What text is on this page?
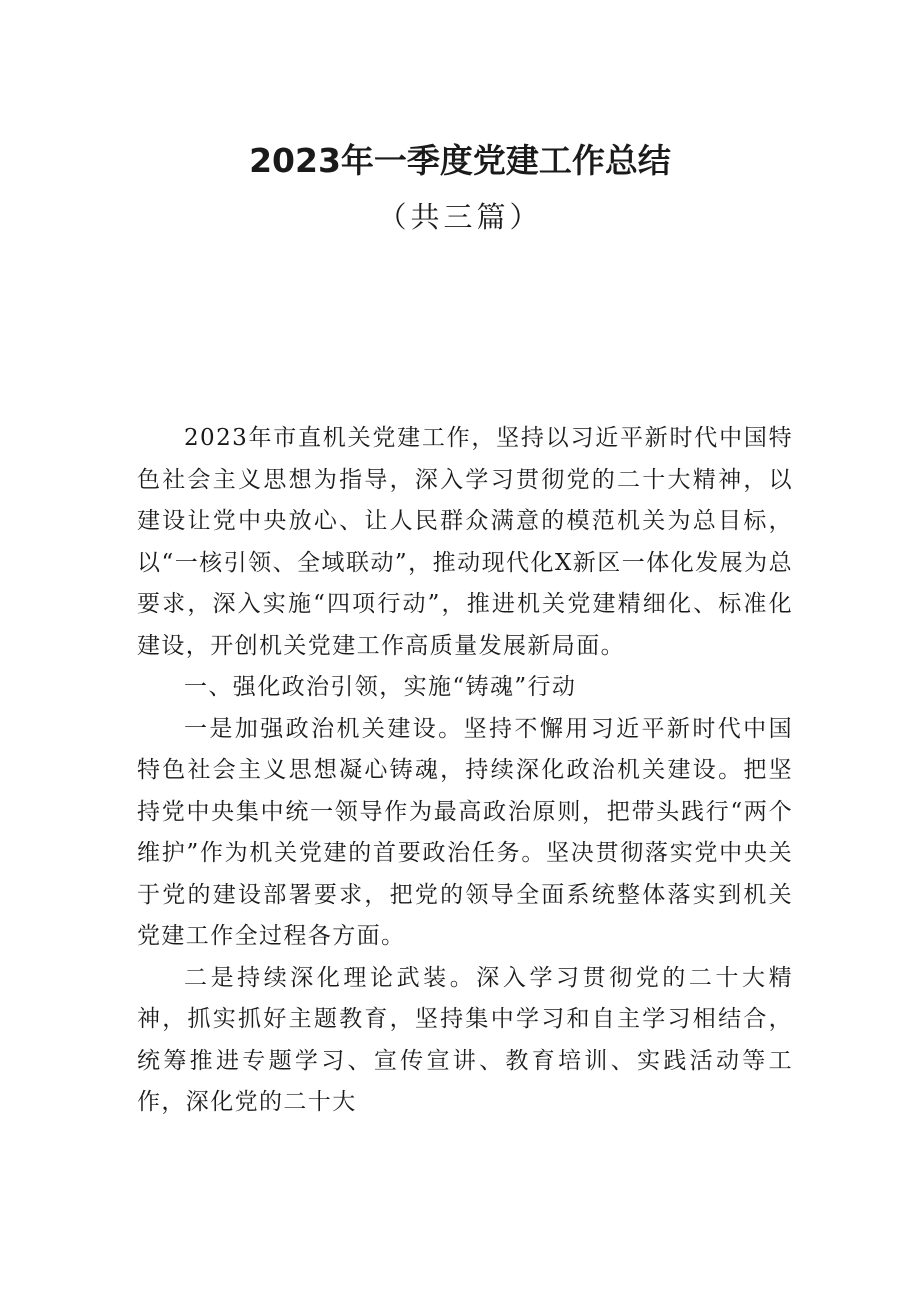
2023年一季度党建工作总结
（共三篇）

2023年市直机关党建工作，坚持以习近平新时代中国特色社会主义思想为指导，深入学习贯彻党的二十大精神，以建设让党中央放心、让人民群众满意的模范机关为总目标，以“一核引领、全域联动”，推动现代化X新区一体化发展为总要求，深入实施“四项行动”，推进机关党建精细化、标准化建设，开创机关党建工作高质量发展新局面。

一、强化政治引领，实施“铸魂”行动

一是加强政治机关建设。坚持不懈用习近平新时代中国特色社会主义思想凝心铸魂，持续深化政治机关建设。把坚持党中央集中统一领导作为最高政治原则，把带头践行“两个维护”作为机关党建的首要政治任务。坚决贯彻落实党中央关于党的建设部署要求，把党的领导全面系统整体落实到机关党建工作全过程各方面。

二是持续深化理论武装。深入学习贯彻党的二十大精神，抓实抓好主题教育，坚持集中学习和自主学习相结合，统筹推进专题学习、宣传宣讲、教育培训、实践活动等工作，深化党的二十大
